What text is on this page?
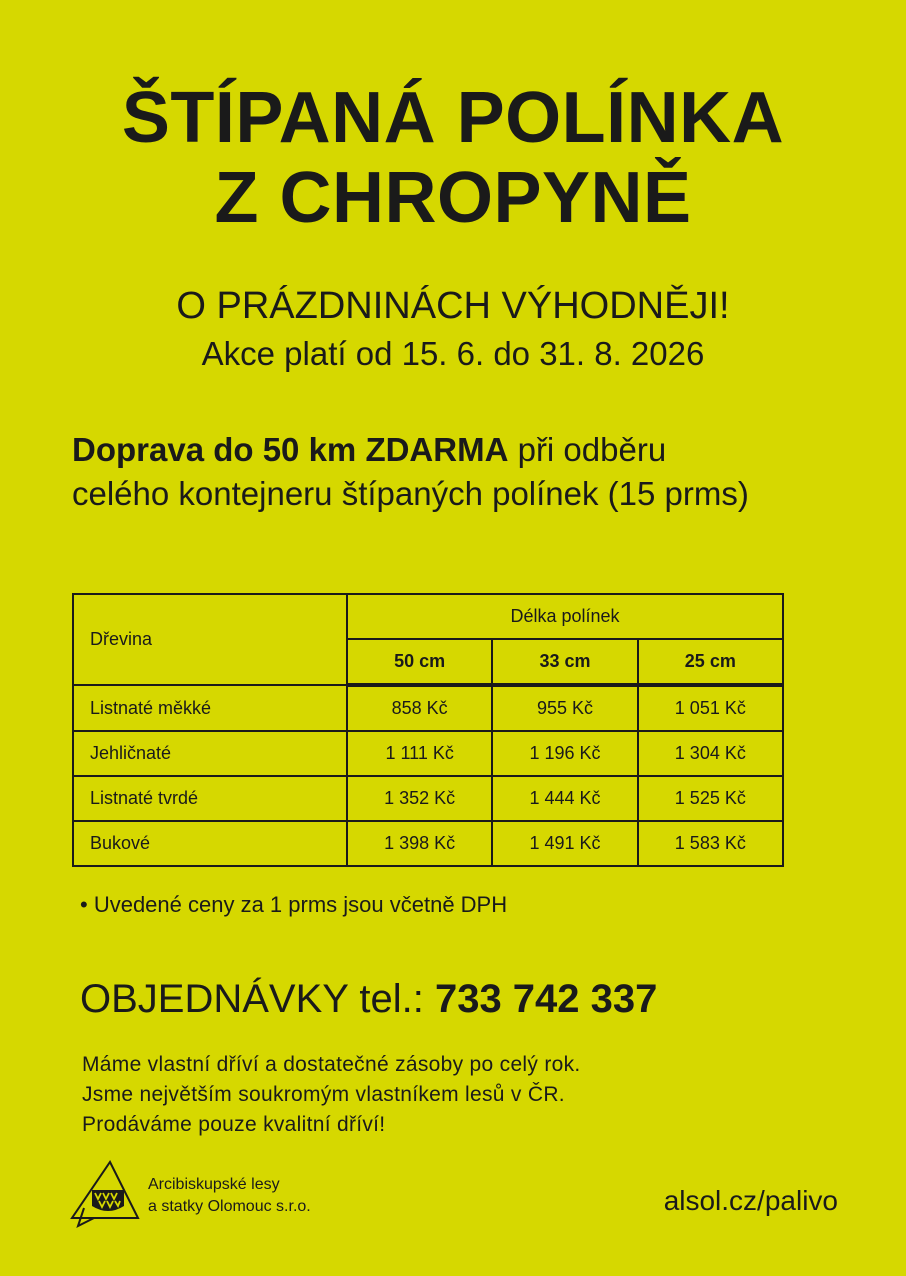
ŠTÍPANÁ POLÍNKA
Z CHROPYNĚ
O PRÁZDNINÁCH VÝHODNĚJI!
Akce platí od 15. 6. do 31. 8. 2026
Doprava do 50 km ZDARMA při odběru
celého kontejneru štípaných polínek (15 prms)
Dřevina	Délka polínek		
	50 cm	33 cm	25 cm
Listnaté měkké	858 Kč	955 Kč	1 051 Kč
Jehličnaté	1 111 Kč	1 196 Kč	1 304 Kč
Listnaté tvrdé	1 352 Kč	1 444 Kč	1 525 Kč
Bukové	1 398 Kč	1 491 Kč	1 583 Kč
• Uvedené ceny za 1 prms jsou včetně DPH
OBJEDNÁVKY tel.: 733 742 337
Máme vlastní dříví a dostatečné zásoby po celý rok.
Jsme největším soukromým vlastníkem lesů v ČR.
Prodáváme pouze kvalitní dříví!
Arcibiskupské lesy
a statky Olomouc s.r.o.	alsol.cz/palivo
